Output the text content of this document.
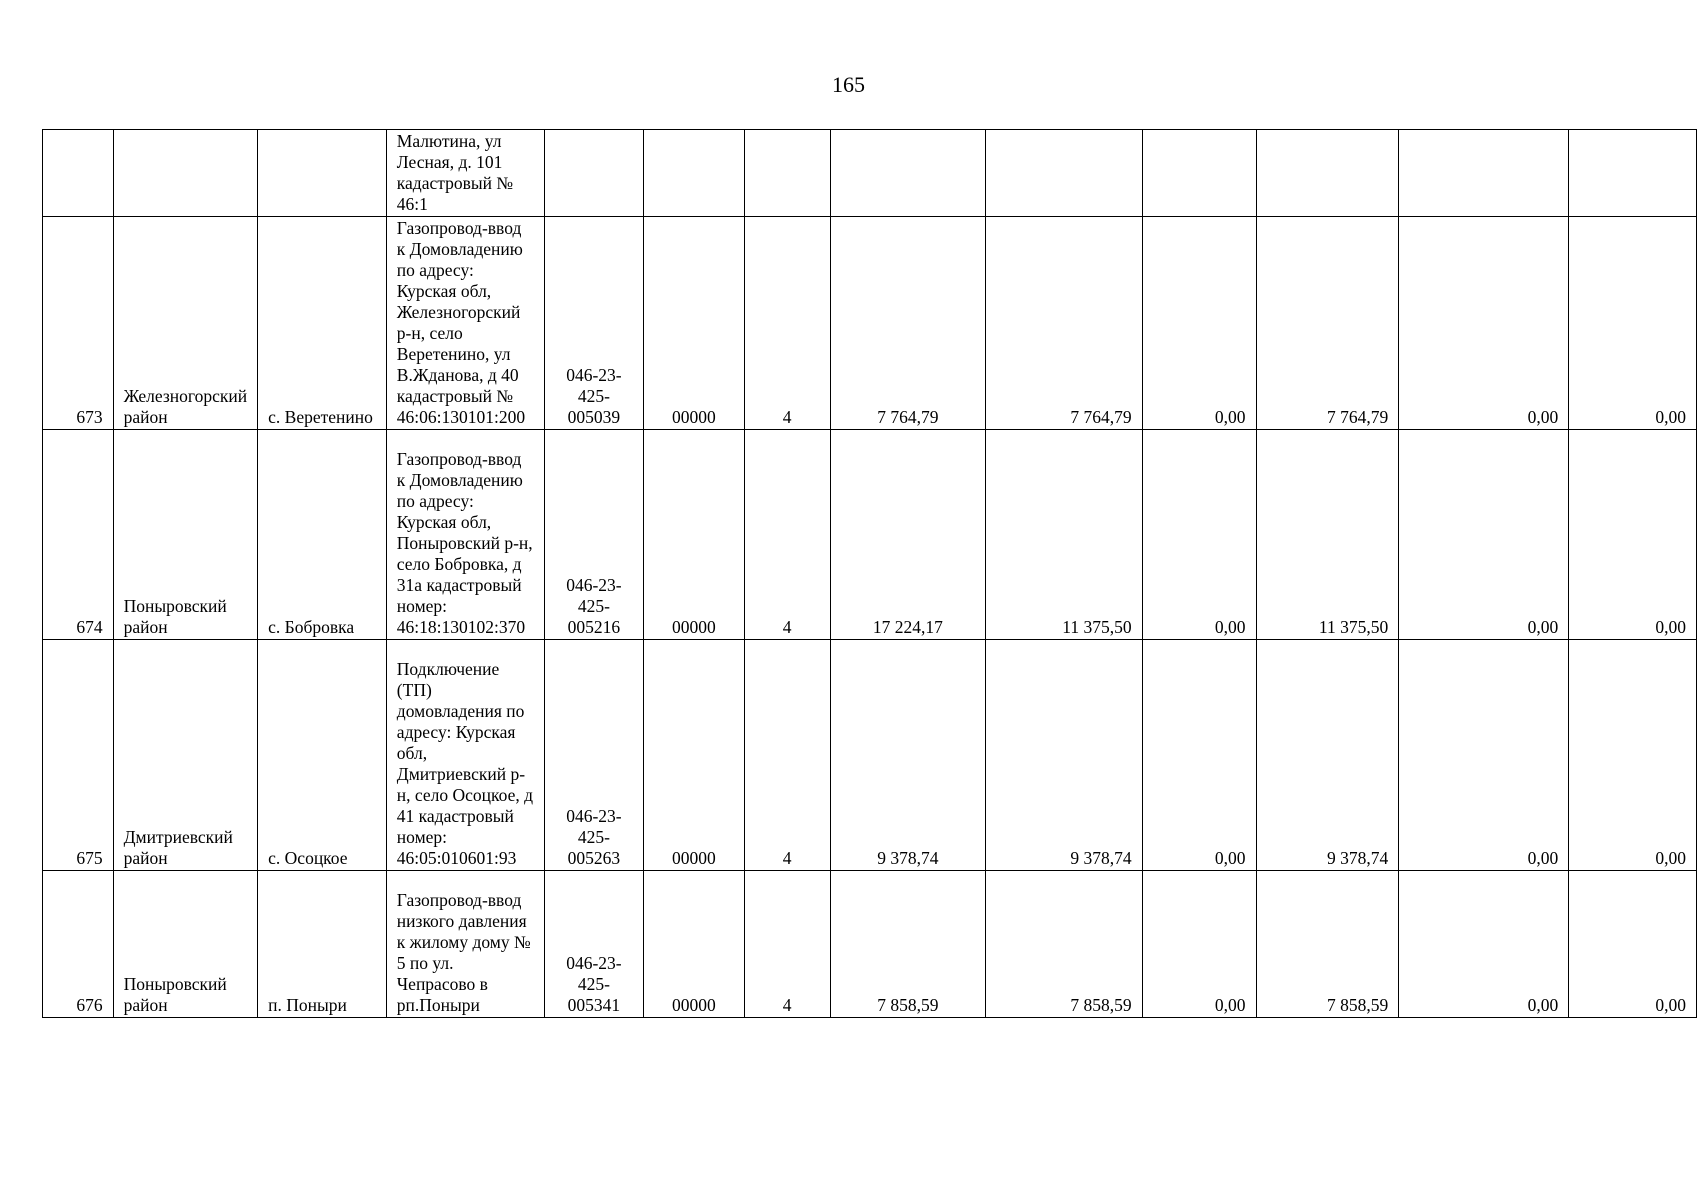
165
			Малютина, ул Лесная, д. 101 кадастровый № 46:1									
673	Железногорский район	с. Веретенино	Газопровод-ввод к Домовладению по адресу: Курская обл, Железногорский р-н, село Веретенино, ул В.Жданова, д 40 кадастровый № 46:06:130101:200	046-23-425-005039	00000	4	7 764,79	7 764,79	0,00	7 764,79	0,00	0,00
674	Поныровский район	с. Бобровка	Газопровод-ввод к Домовладению по адресу: Курская обл, Поныровский р-н, село Бобровка, д 31а кадастровый номер: 46:18:130102:370	046-23-425-005216	00000	4	17 224,17	11 375,50	0,00	11 375,50	0,00	0,00
675	Дмитриевский район	с. Осоцкое	Подключение (ТП) домовладения по адресу: Курская обл, Дмитриевский р-н, село Осоцкое, д 41 кадастровый номер: 46:05:010601:93	046-23-425-005263	00000	4	9 378,74	9 378,74	0,00	9 378,74	0,00	0,00
676	Поныровский район	п. Поныри	Газопровод-ввод низкого давления к жилому дому № 5 по ул. Чепрасово в рп.Поныри	046-23-425-005341	00000	4	7 858,59	7 858,59	0,00	7 858,59	0,00	0,00
